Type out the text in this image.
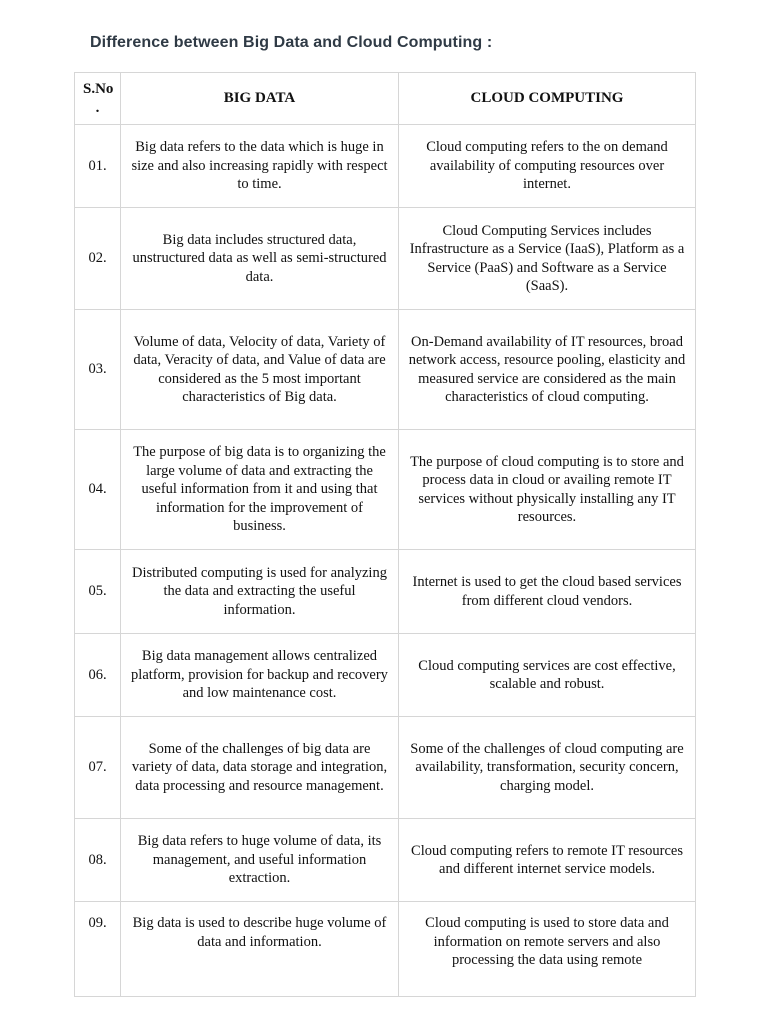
Difference between Big Data and Cloud Computing :
S.No
.	BIG DATA	CLOUD COMPUTING
01.	Big data refers to the data which is huge in size and also increasing rapidly with respect to time.	Cloud computing refers to the on demand availability of computing resources over internet.
02.	Big data includes structured data, unstructured data as well as semi-structured data.	Cloud Computing Services includes Infrastructure as a Service (IaaS), Platform as a Service (PaaS) and Software as a Service (SaaS).
03.	Volume of data, Velocity of data, Variety of data, Veracity of data, and Value of data are considered as the 5 most important characteristics of Big data.	On-Demand availability of IT resources, broad network access, resource pooling, elasticity and measured service are considered as the main characteristics of cloud computing.
04.	The purpose of big data is to organizing the large volume of data and extracting the useful information from it and using that information for the improvement of business.	The purpose of cloud computing is to store and process data in cloud or availing remote IT services without physically installing any IT resources.
05.	Distributed computing is used for analyzing the data and extracting the useful information.	Internet is used to get the cloud based services from different cloud vendors.
06.	Big data management allows centralized platform, provision for backup and recovery and low maintenance cost.	Cloud computing services are cost effective, scalable and robust.
07.	Some of the challenges of big data are variety of data, data storage and integration, data processing and resource management.	Some of the challenges of cloud computing are availability, transformation, security concern, charging model.
08.	Big data refers to huge volume of data, its management, and useful information extraction.	Cloud computing refers to remote IT resources and different internet service models.
09.	Big data is used to describe huge volume of data and information.	Cloud computing is used to store data and information on remote servers and also processing the data using remote
